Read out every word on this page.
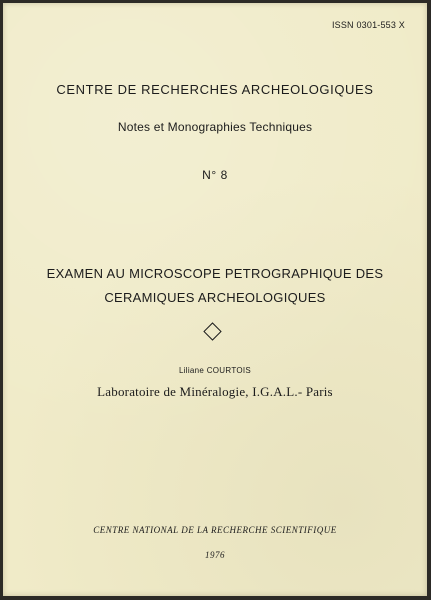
ISSN 0301-553 X
CENTRE DE RECHERCHES ARCHEOLOGIQUES
Notes et Monographies Techniques
N° 8
EXAMEN AU MICROSCOPE PETROGRAPHIQUE DES
CERAMIQUES ARCHEOLOGIQUES
Liliane COURTOIS
Laboratoire de Minéralogie, I.G.A.L.- Paris
CENTRE NATIONAL DE LA RECHERCHE SCIENTIFIQUE
1976
